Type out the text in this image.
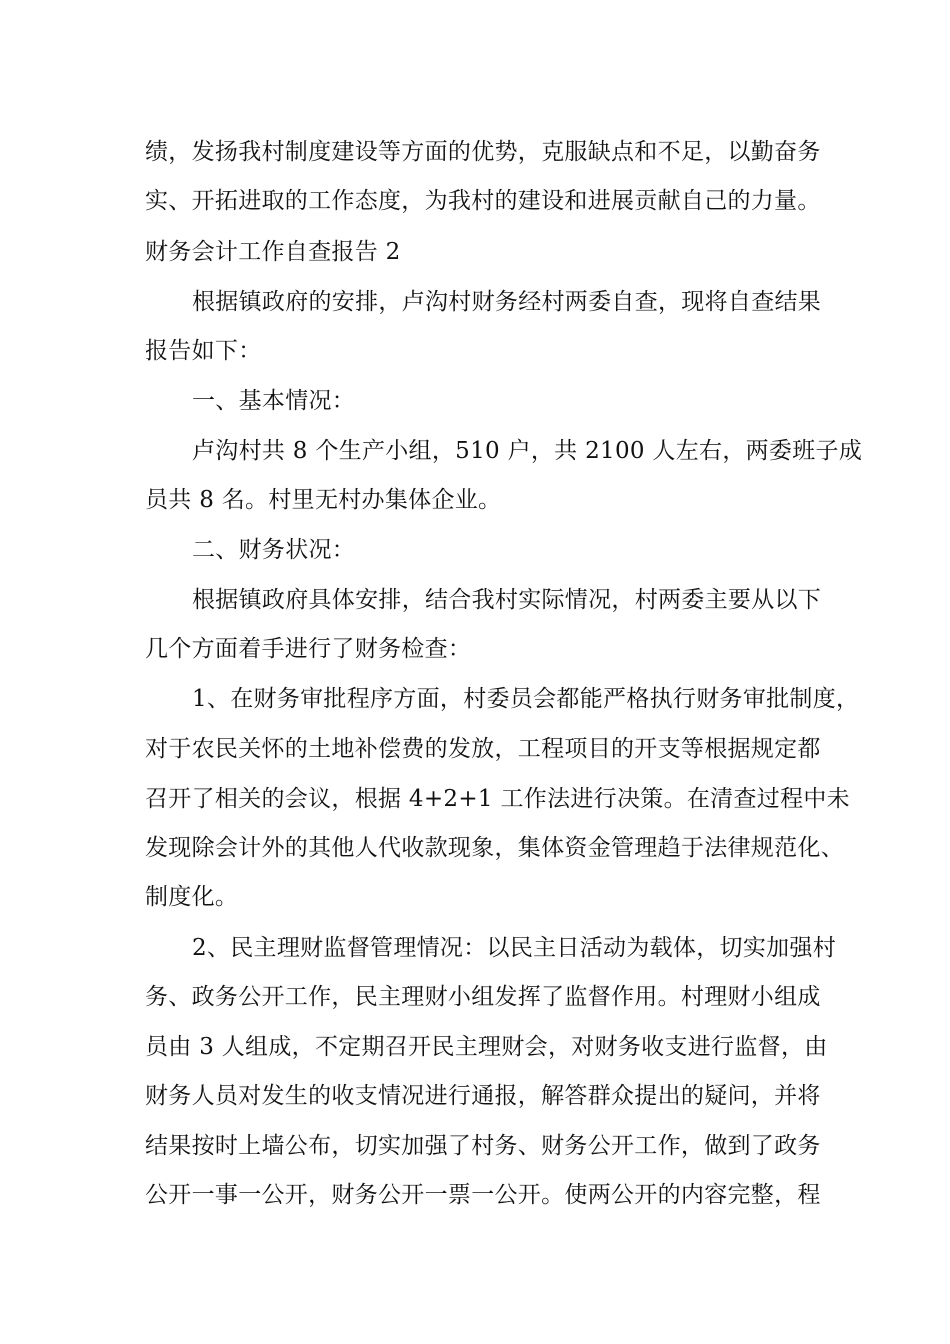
绩，发扬我村制度建设等方面的优势，克服缺点和不足，以勤奋务
实、开拓进取的工作态度，为我村的建设和进展贡献自己的力量。
财务会计工作自查报告 2
根据镇政府的安排，卢沟村财务经村两委自查，现将自查结果
报告如下：
一、基本情况：
卢沟村共 8 个生产小组，510 户，共 2100 人左右，两委班子成
员共 8 名。村里无村办集体企业。
二、财务状况：
根据镇政府具体安排，结合我村实际情况，村两委主要从以下
几个方面着手进行了财务检查：
1、在财务审批程序方面，村委员会都能严格执行财务审批制度，
对于农民关怀的土地补偿费的发放，工程项目的开支等根据规定都
召开了相关的会议，根据 4+2+1 工作法进行决策。在清查过程中未
发现除会计外的其他人代收款现象，集体资金管理趋于法律规范化、
制度化。
2、民主理财监督管理情况：以民主日活动为载体，切实加强村
务、政务公开工作，民主理财小组发挥了监督作用。村理财小组成
员由 3 人组成，不定期召开民主理财会，对财务收支进行监督，由
财务人员对发生的收支情况进行通报，解答群众提出的疑问，并将
结果按时上墙公布，切实加强了村务、财务公开工作，做到了政务
公开一事一公开，财务公开一票一公开。使两公开的内容完整，程
